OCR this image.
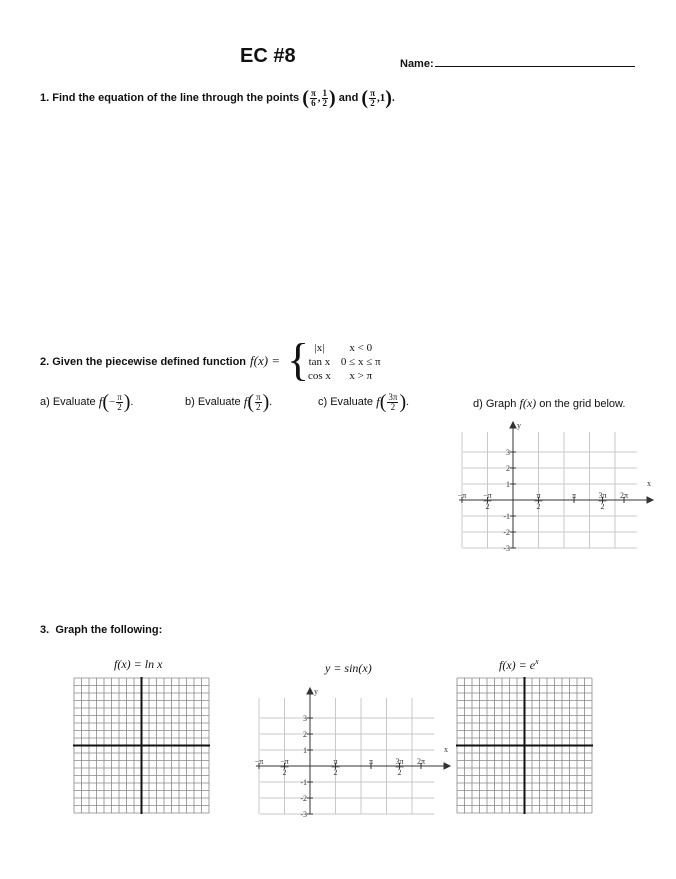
EC #8	Name:
1.
Find the equation of the line through the points
( $\frac{\pi}{6}$ , $\frac{1}{2}$ )
and
( $\frac{\pi}{2}$ , 1 ) .
2. Given the piecewise defined function f(x) = { |x|	x < 0
tan x	0 ≤ x ≤ π
cos x	x > π
a) Evaluate
f ( − $\frac{\pi}{2}$ ) .	b) Evaluate
f ( $\frac{\pi}{2}$ ) .	c) Evaluate
f ( $\frac{3\pi}{2}$ ) .	d) Graph f(x) on the grid below.
y
x
3
2
1
-1
-2
-3
−π −π
2
π
2
π	3π
2
2π
3. Graph the following:
f(x) = ln x	y = sin(x)	$f(x) = e^x$
y
x
3
2
1
-1
-2
-3
−π −π
2
π
2
π	3π
2
2π
